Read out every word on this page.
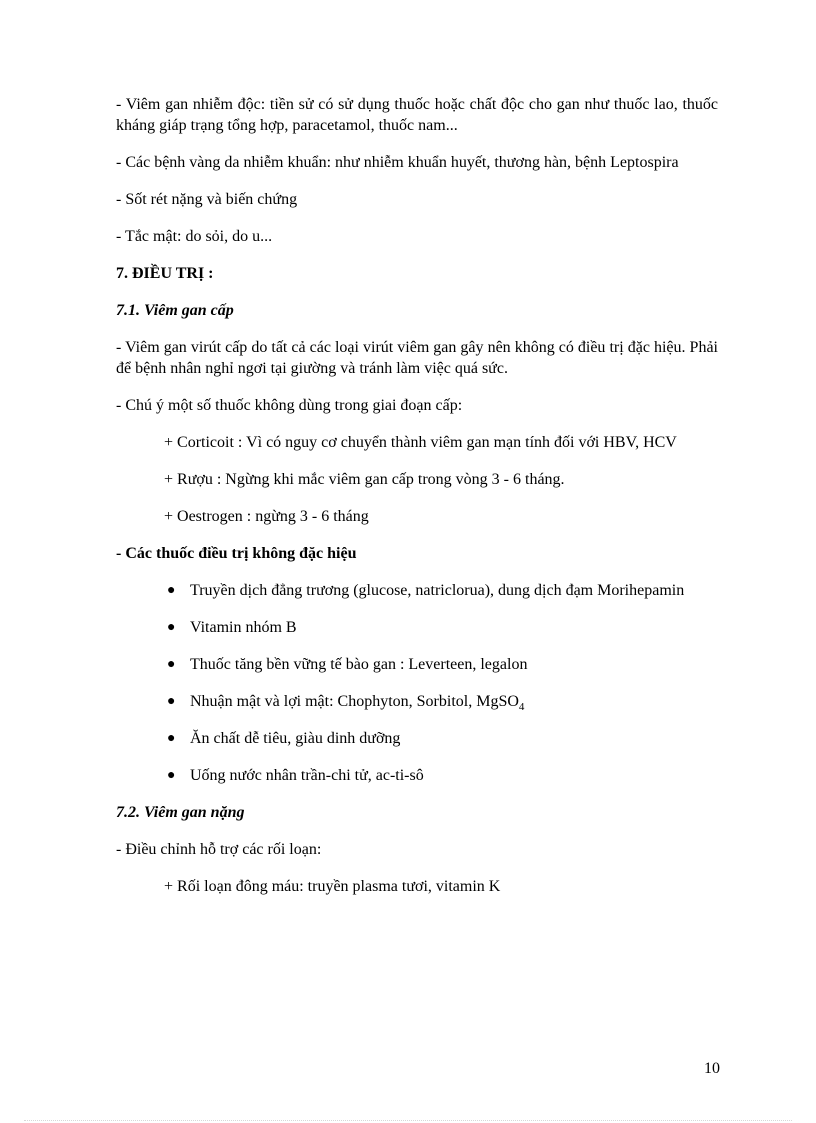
- Viêm gan nhiễm độc: tiền sử có sử dụng thuốc hoặc chất độc cho gan như thuốc lao, thuốc kháng giáp trạng tổng hợp, paracetamol, thuốc nam...

- Các bệnh vàng da nhiễm khuẩn: như nhiễm khuẩn huyết, thương hàn, bệnh Leptospira

- Sốt rét nặng và biến chứng

- Tắc mật: do sỏi, do u...

7. ĐIỀU TRỊ :

7.1. Viêm gan cấp

- Viêm gan virút cấp do tất cả các loại virút viêm gan gây nên không có điều trị đặc hiệu. Phải để bệnh nhân nghỉ ngơi tại giường và tránh làm việc quá sức.

- Chú ý một số thuốc không dùng trong giai đoạn cấp:

+ Corticoit : Vì có nguy cơ chuyển thành viêm gan mạn tính đối với HBV, HCV

+ Rượu : Ngừng khi mắc viêm gan cấp trong vòng 3 - 6 tháng.

+ Oestrogen : ngừng 3 - 6 tháng

- Các thuốc điều trị không đặc hiệu

● Truyền dịch đẳng trương (glucose, natriclorua), dung dịch đạm Morihepamin
● Vitamin nhóm B
● Thuốc tăng bền vững tế bào gan : Leverteen, legalon
● Nhuận mật và lợi mật: Chophyton, Sorbitol, MgSO$_4$
● Ăn chất dễ tiêu, giàu dinh dưỡng
● Uống nước nhân trần-chi tử, ac-ti-sô

7.2. Viêm gan nặng

- Điều chỉnh hỗ trợ các rối loạn:

+ Rối loạn đông máu: truyền plasma tươi, vitamin K

10
